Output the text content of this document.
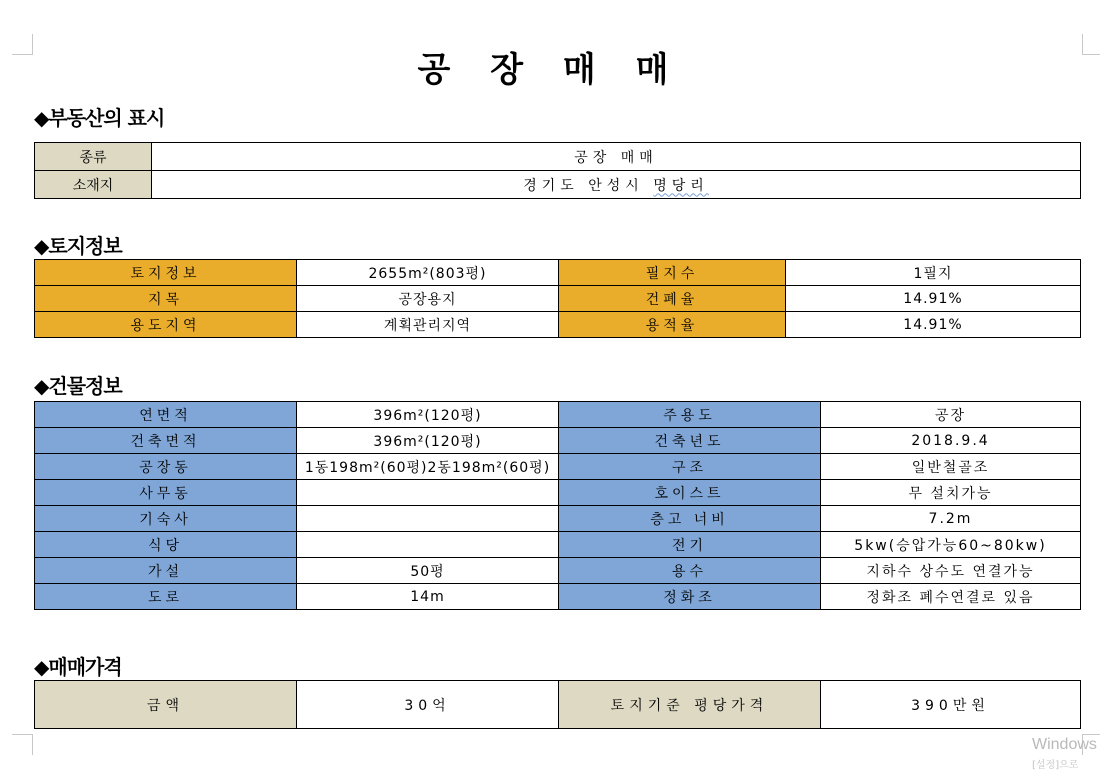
공 장 매 매
◆부동산의 표시
종류	공장 매매
소재지	경기도 안성시 명당리
◆토지정보
토지정보	2655m²(803평)	필지수	1필지
지목	공장용지	건폐율	14.91%
용도지역	계획관리지역	용적율	14.91%
◆건물정보
연면적	396m²(120평)	주용도	공장
건축면적	396m²(120평)	건축년도	2018.9.4
공장동	1동198m²(60평)2동198m²(60평)	구조	일반철골조
사무동		호이스트	무 설치가능
기숙사		층고 너비	7.2m
식당		전기	5kw(승압가능60~80kw)
가설	50평	용수	지하수 상수도 연결가능
도로	14m	정화조	정화조 폐수연결로 있음
◆매매가격
금액	30억	토지기준 평당가격	390만원
Windows
[설정]으로
